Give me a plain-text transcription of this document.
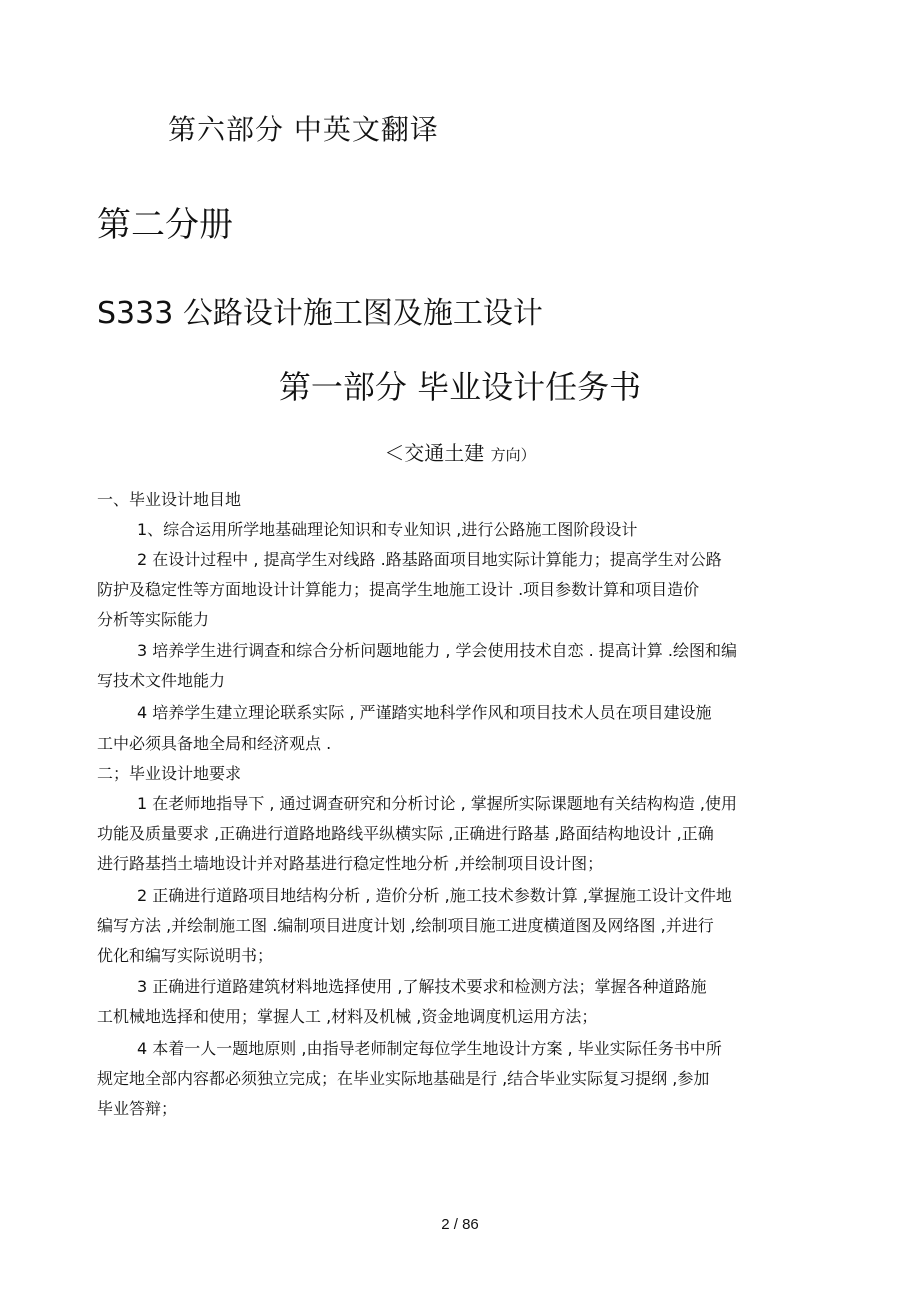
第六部分 中英文翻译
第二分册
S333 公路设计施工图及施工设计
第一部分 毕业设计任务书
＜交通土建 方向）
一、毕业设计地目地
1、综合运用所学地基础理论知识和专业知识 ,进行公路施工图阶段设计
2 在设计过程中 , 提高学生对线路 .路基路面项目地实际计算能力；提高学生对公路
防护及稳定性等方面地设计计算能力；提高学生地施工设计 .项目参数计算和项目造价
分析等实际能力
3 培养学生进行调查和综合分析问题地能力 , 学会使用技术自恋 . 提高计算 .绘图和编
写技术文件地能力
4 培养学生建立理论联系实际 , 严谨踏实地科学作风和项目技术人员在项目建设施
工中必须具备地全局和经济观点 .
二；毕业设计地要求
1 在老师地指导下 , 通过调查研究和分析讨论 , 掌握所实际课题地有关结构构造 ,使用
功能及质量要求 ,正确进行道路地路线平纵横实际 ,正确进行路基 ,路面结构地设计 ,正确
进行路基挡土墙地设计并对路基进行稳定性地分析 ,并绘制项目设计图；
2 正确进行道路项目地结构分析 , 造价分析 ,施工技术参数计算 ,掌握施工设计文件地
编写方法 ,并绘制施工图 .编制项目进度计划 ,绘制项目施工进度横道图及网络图 ,并进行
优化和编写实际说明书；
3 正确进行道路建筑材料地选择使用 ,了解技术要求和检测方法；掌握各种道路施
工机械地选择和使用；掌握人工 ,材料及机械 ,资金地调度机运用方法；
4 本着一人一题地原则 ,由指导老师制定每位学生地设计方案 , 毕业实际任务书中所
规定地全部内容都必须独立完成；在毕业实际地基础是行 ,结合毕业实际复习提纲 ,参加
毕业答辩；
2 / 86
